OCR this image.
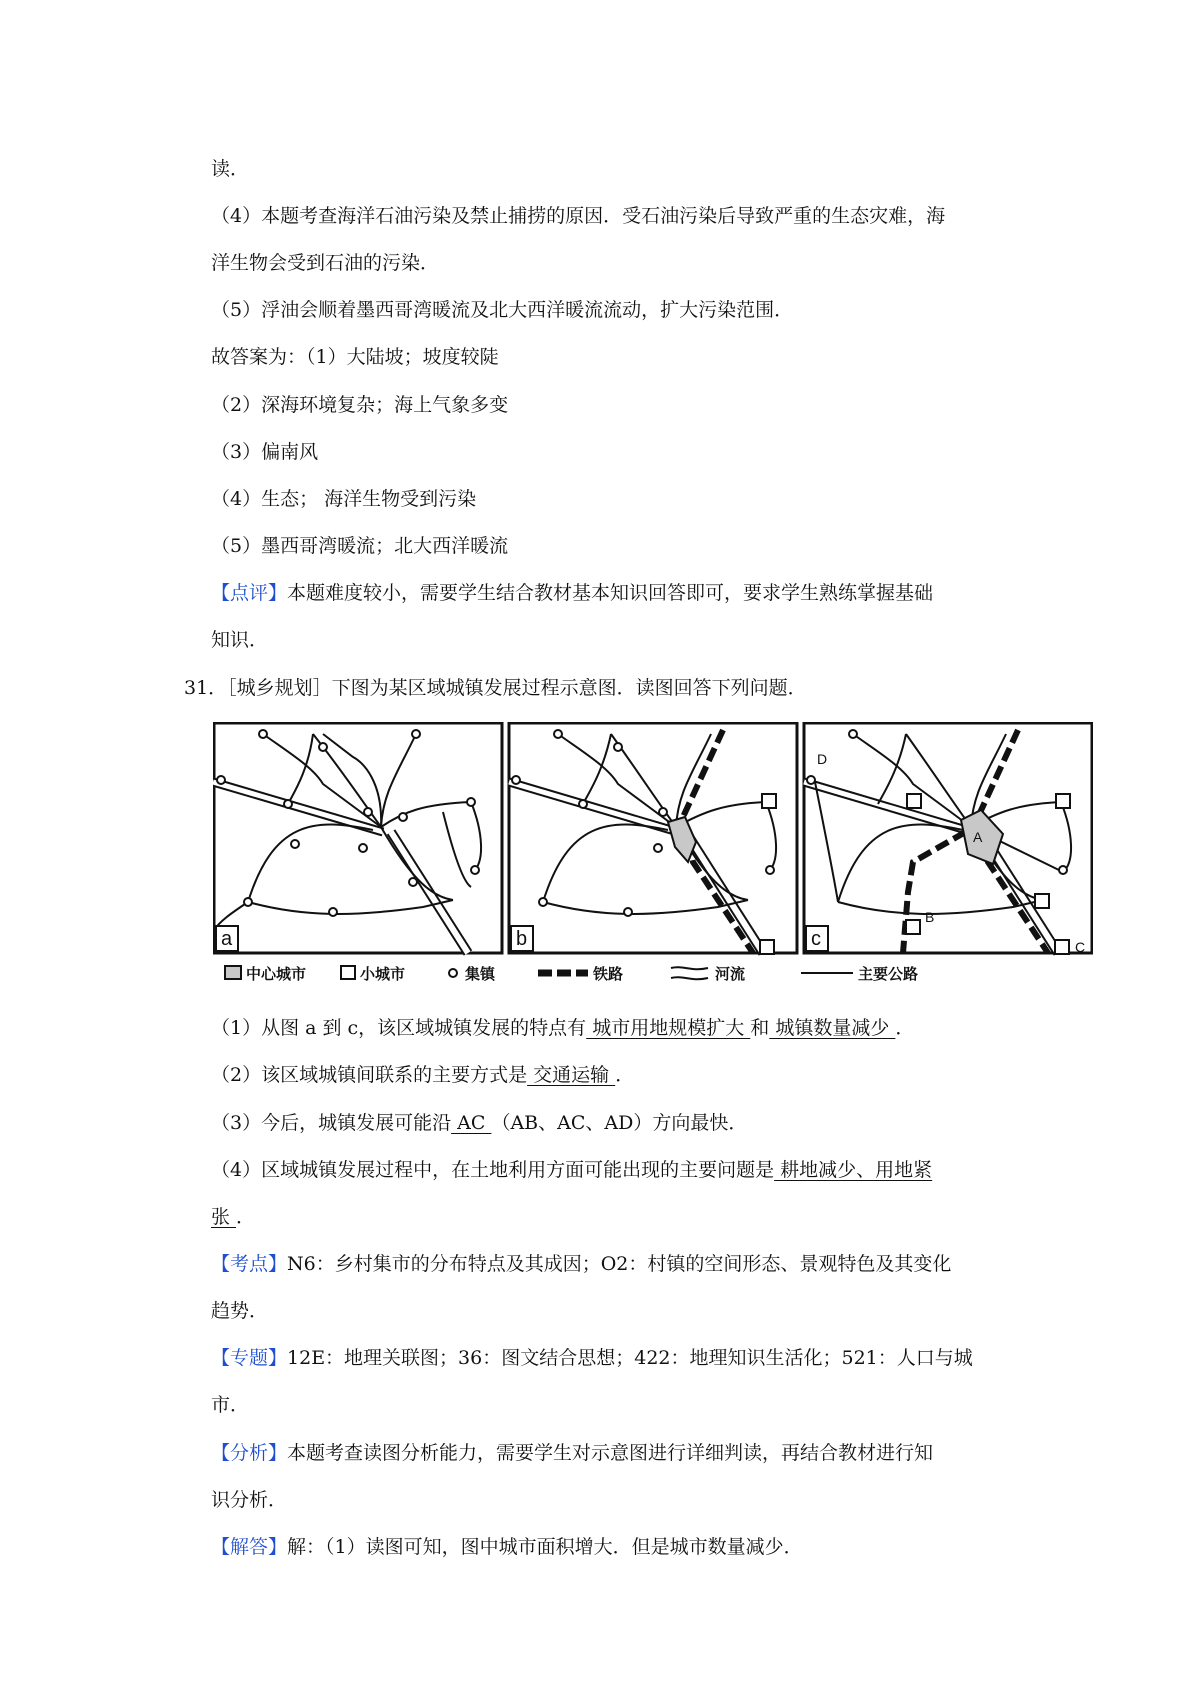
读．
（4）本题考查海洋石油污染及禁止捕捞的原因．受石油污染后导致严重的生态灾难，海
洋生物会受到石油的污染．
（5）浮油会顺着墨西哥湾暖流及北大西洋暖流流动，扩大污染范围．
故答案为：（1）大陆坡；坡度较陡
（2）深海环境复杂；海上气象多变
（3）偏南风
（4）生态； 海洋生物受到污染
（5）墨西哥湾暖流；北大西洋暖流
【点评】本题难度较小，需要学生结合教材基本知识回答即可，要求学生熟练掌握基础
知识．
31．［城乡规划］下图为某区域城镇发展过程示意图．读图回答下列问题．
a	b	c
D
A
B
C
中心城市	小城市	集镇	铁路	河流	主要公路
（1）从图 a 到 c，该区域城镇发展的特点有 城市用地规模扩大 和 城镇数量减少 ．
（2）该区域城镇间联系的主要方式是 交通运输 ．
（3）今后，城镇发展可能沿 AC （AB、AC、AD）方向最快．
（4）区域城镇发展过程中，在土地利用方面可能出现的主要问题是 耕地减少、用地紧
张 ．
【考点】N6：乡村集市的分布特点及其成因；O2：村镇的空间形态、景观特色及其变化
趋势．
【专题】12E：地理关联图；36：图文结合思想；422：地理知识生活化；521：人口与城
市．
【分析】本题考查读图分析能力，需要学生对示意图进行详细判读，再结合教材进行知
识分析．
【解答】解：（1）读图可知，图中城市面积增大．但是城市数量减少．
